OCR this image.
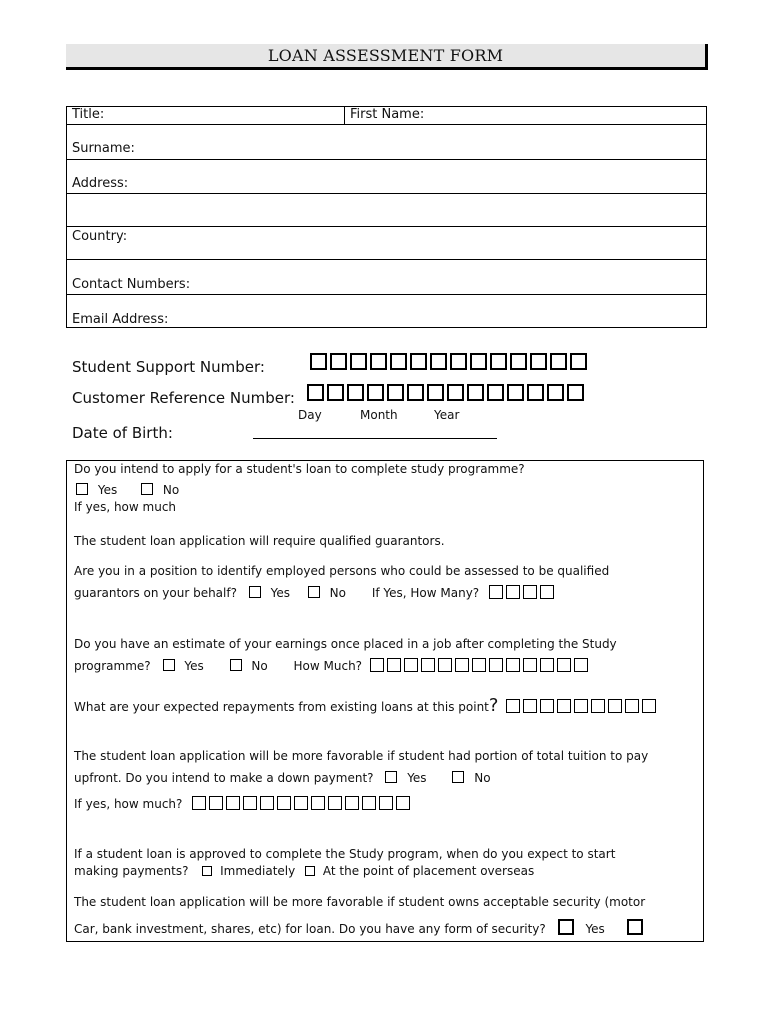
LOAN ASSESSMENT FORM
Title:	First Name:
Surname:
Address:
Country:
Contact Numbers:
Email Address:
Student Support Number:
Customer Reference Number:
Day	Month	Year
Date of Birth:
Do you intend to apply for a student's loan to complete study programme?
Yes	No
If yes, how much
The student loan application will require qualified guarantors.
Are you in a position to identify employed persons who could be assessed to be qualified
guarantors on your behalf?	Yes	No If Yes, How Many?
Do you have an estimate of your earnings once placed in a job after completing the Study
programme?	Yes	No How Much?
What are your expected repayments from existing loans at this point?
The student loan application will be more favorable if student had portion of total tuition to pay
upfront. Do you intend to make a down payment?	Yes	No
If yes, how much?
If a student loan is approved to complete the Study program, when do you expect to start
making payments?	Immediately At the point of placement overseas
The student loan application will be more favorable if student owns acceptable security (motor
Car, bank investment, shares, etc) for loan. Do you have any form of security?	Yes
